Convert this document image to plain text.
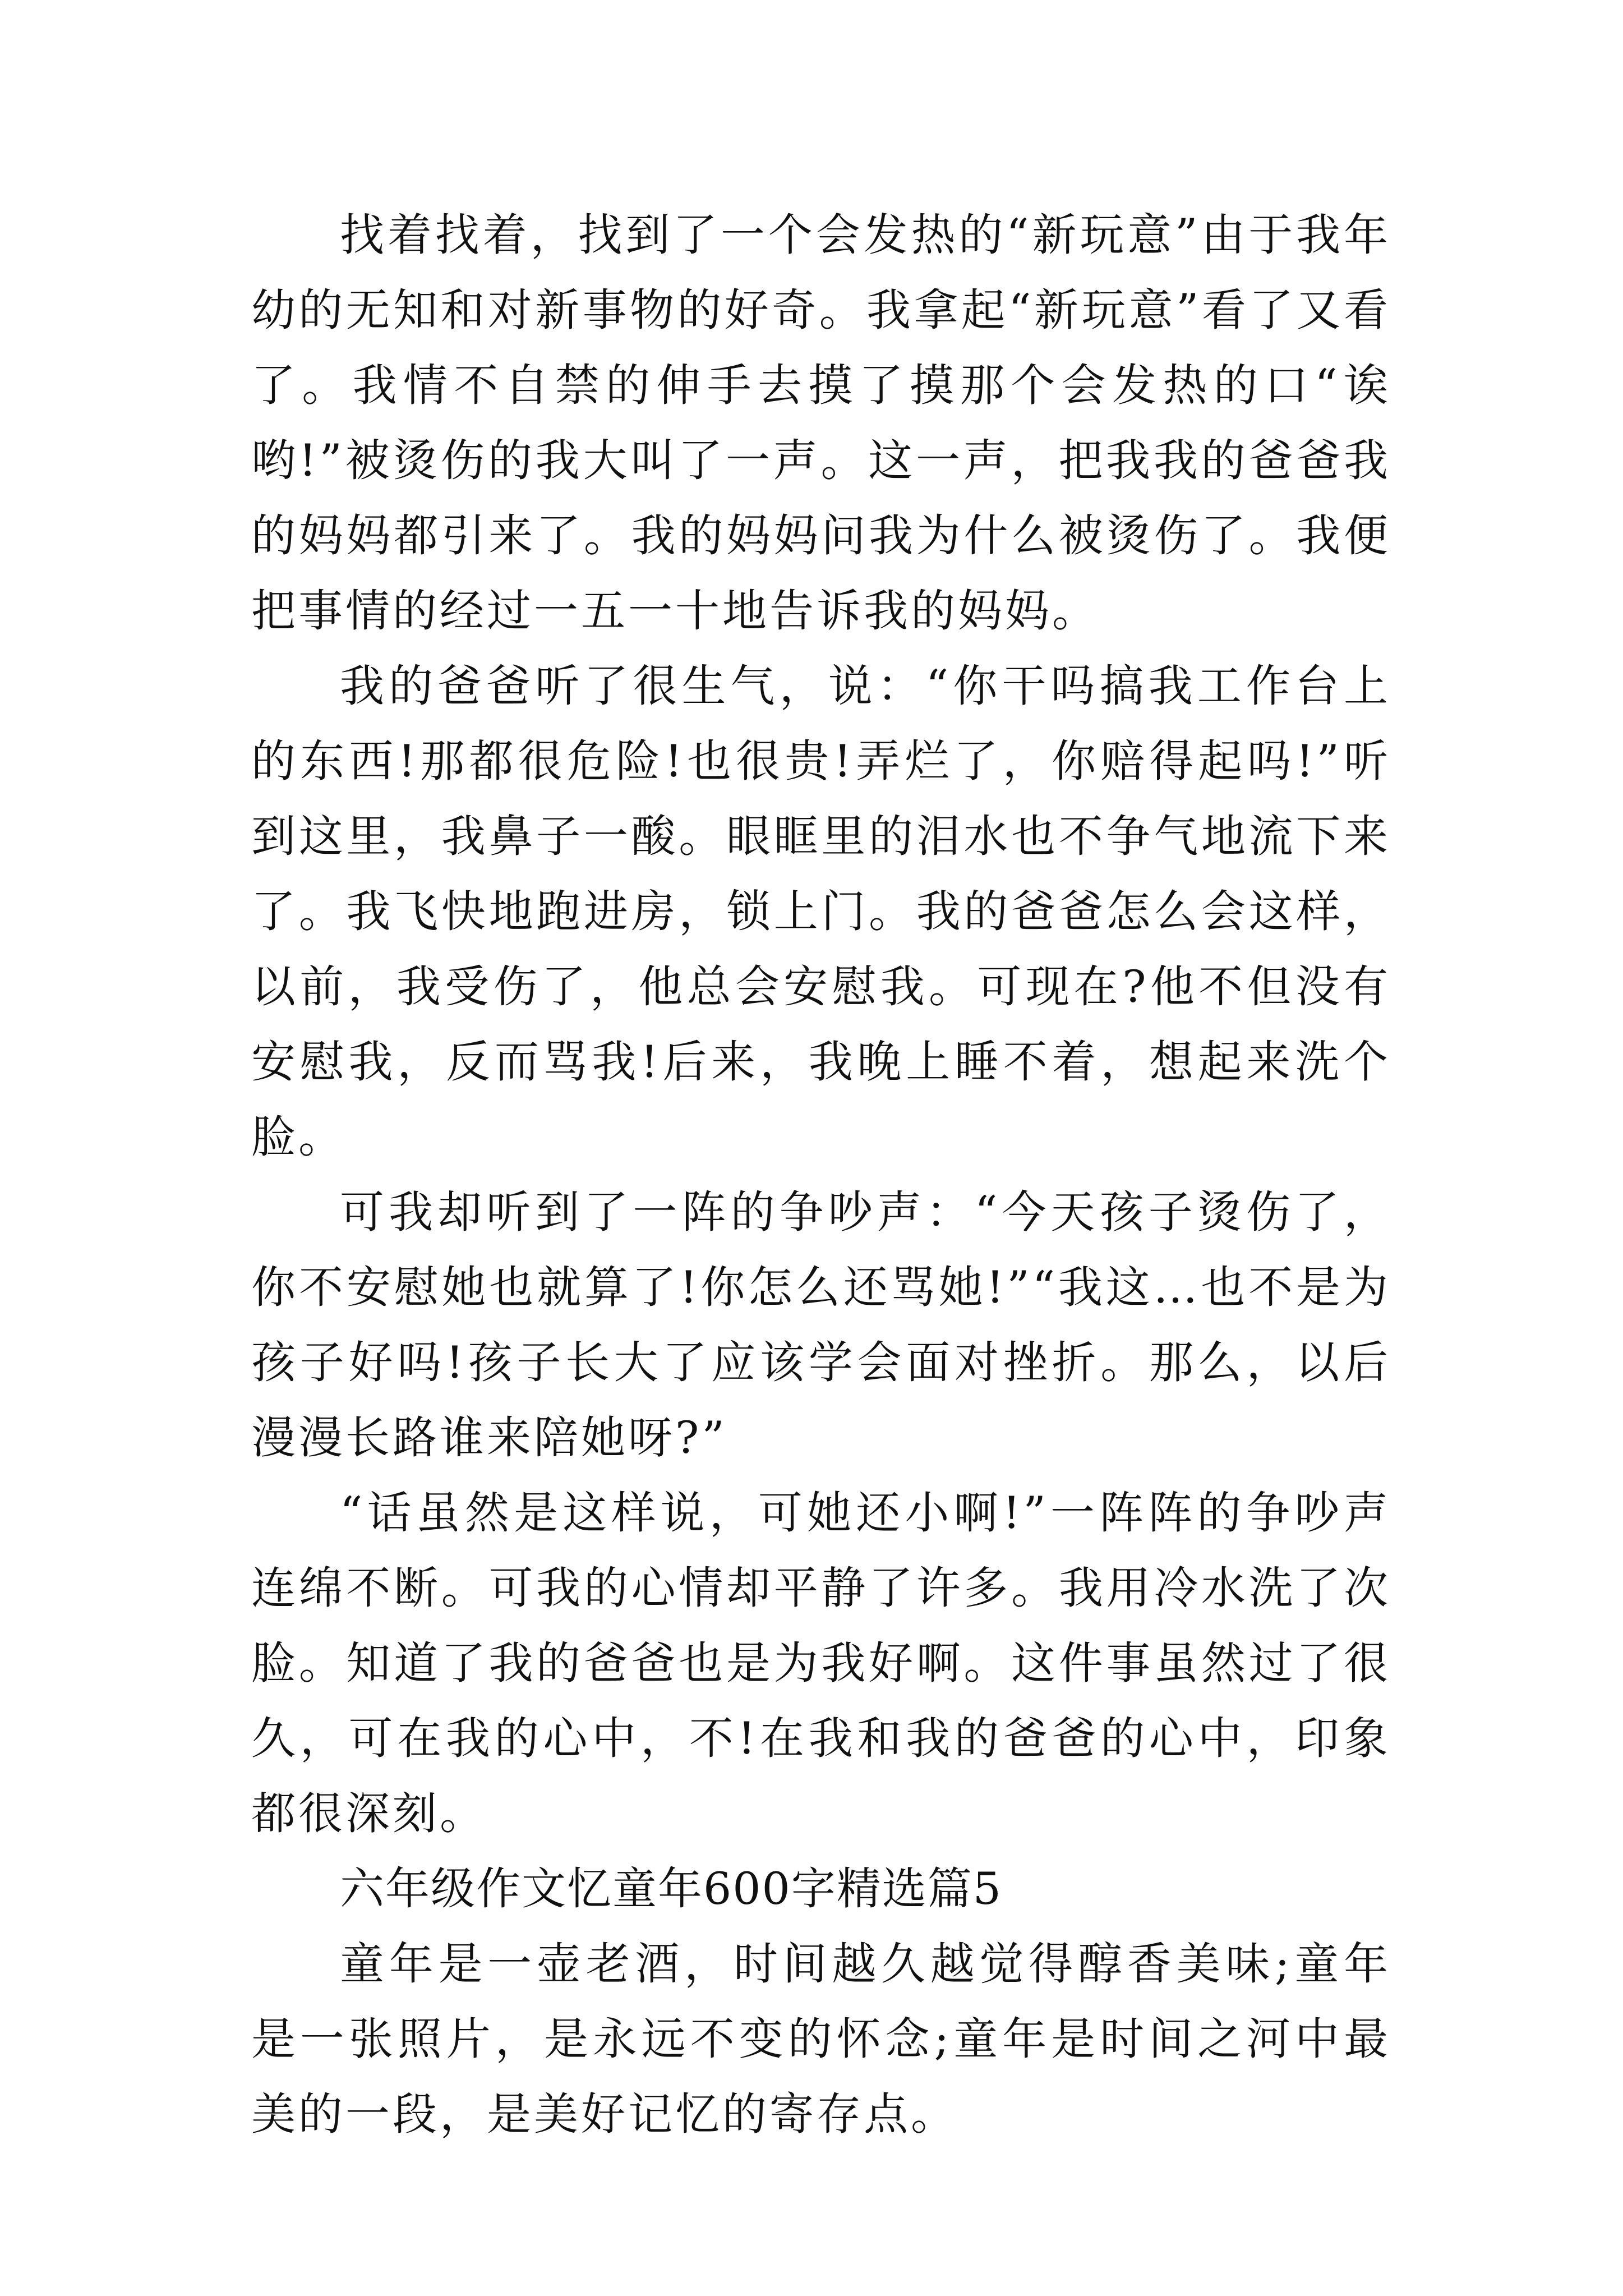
找着找着，找到了一个会发热的“新玩意”由于我年幼的无知和对新事物的好奇。我拿起“新玩意”看了又看了。我情不自禁的伸手去摸了摸那个会发热的口“诶哟!”被烫伤的我大叫了一声。这一声，把我我的爸爸我的妈妈都引来了。我的妈妈问我为什么被烫伤了。我便把事情的经过一五一十地告诉我的妈妈。

我的爸爸听了很生气，说：“你干吗搞我工作台上的东西!那都很危险!也很贵!弄烂了，你赔得起吗!”听到这里，我鼻子一酸。眼眶里的泪水也不争气地流下来了。我飞快地跑进房，锁上门。我的爸爸怎么会这样，以前，我受伤了，他总会安慰我。可现在?他不但没有安慰我，反而骂我!后来，我晚上睡不着，想起来洗个脸。

可我却听到了一阵的争吵声：“今天孩子烫伤了，你不安慰她也就算了!你怎么还骂她!”“我这…也不是为孩子好吗!孩子长大了应该学会面对挫折。那么，以后漫漫长路谁来陪她呀?”

“话虽然是这样说，可她还小啊!”一阵阵的争吵声连绵不断。可我的心情却平静了许多。我用冷水洗了次脸。知道了我的爸爸也是为我好啊。这件事虽然过了很久，可在我的心中，不!在我和我的爸爸的心中，印象都很深刻。

六年级作文忆童年600字精选篇5

童年是一壶老酒，时间越久越觉得醇香美味;童年是一张照片，是永远不变的怀念;童年是时间之河中最美的一段，是美好记忆的寄存点。
